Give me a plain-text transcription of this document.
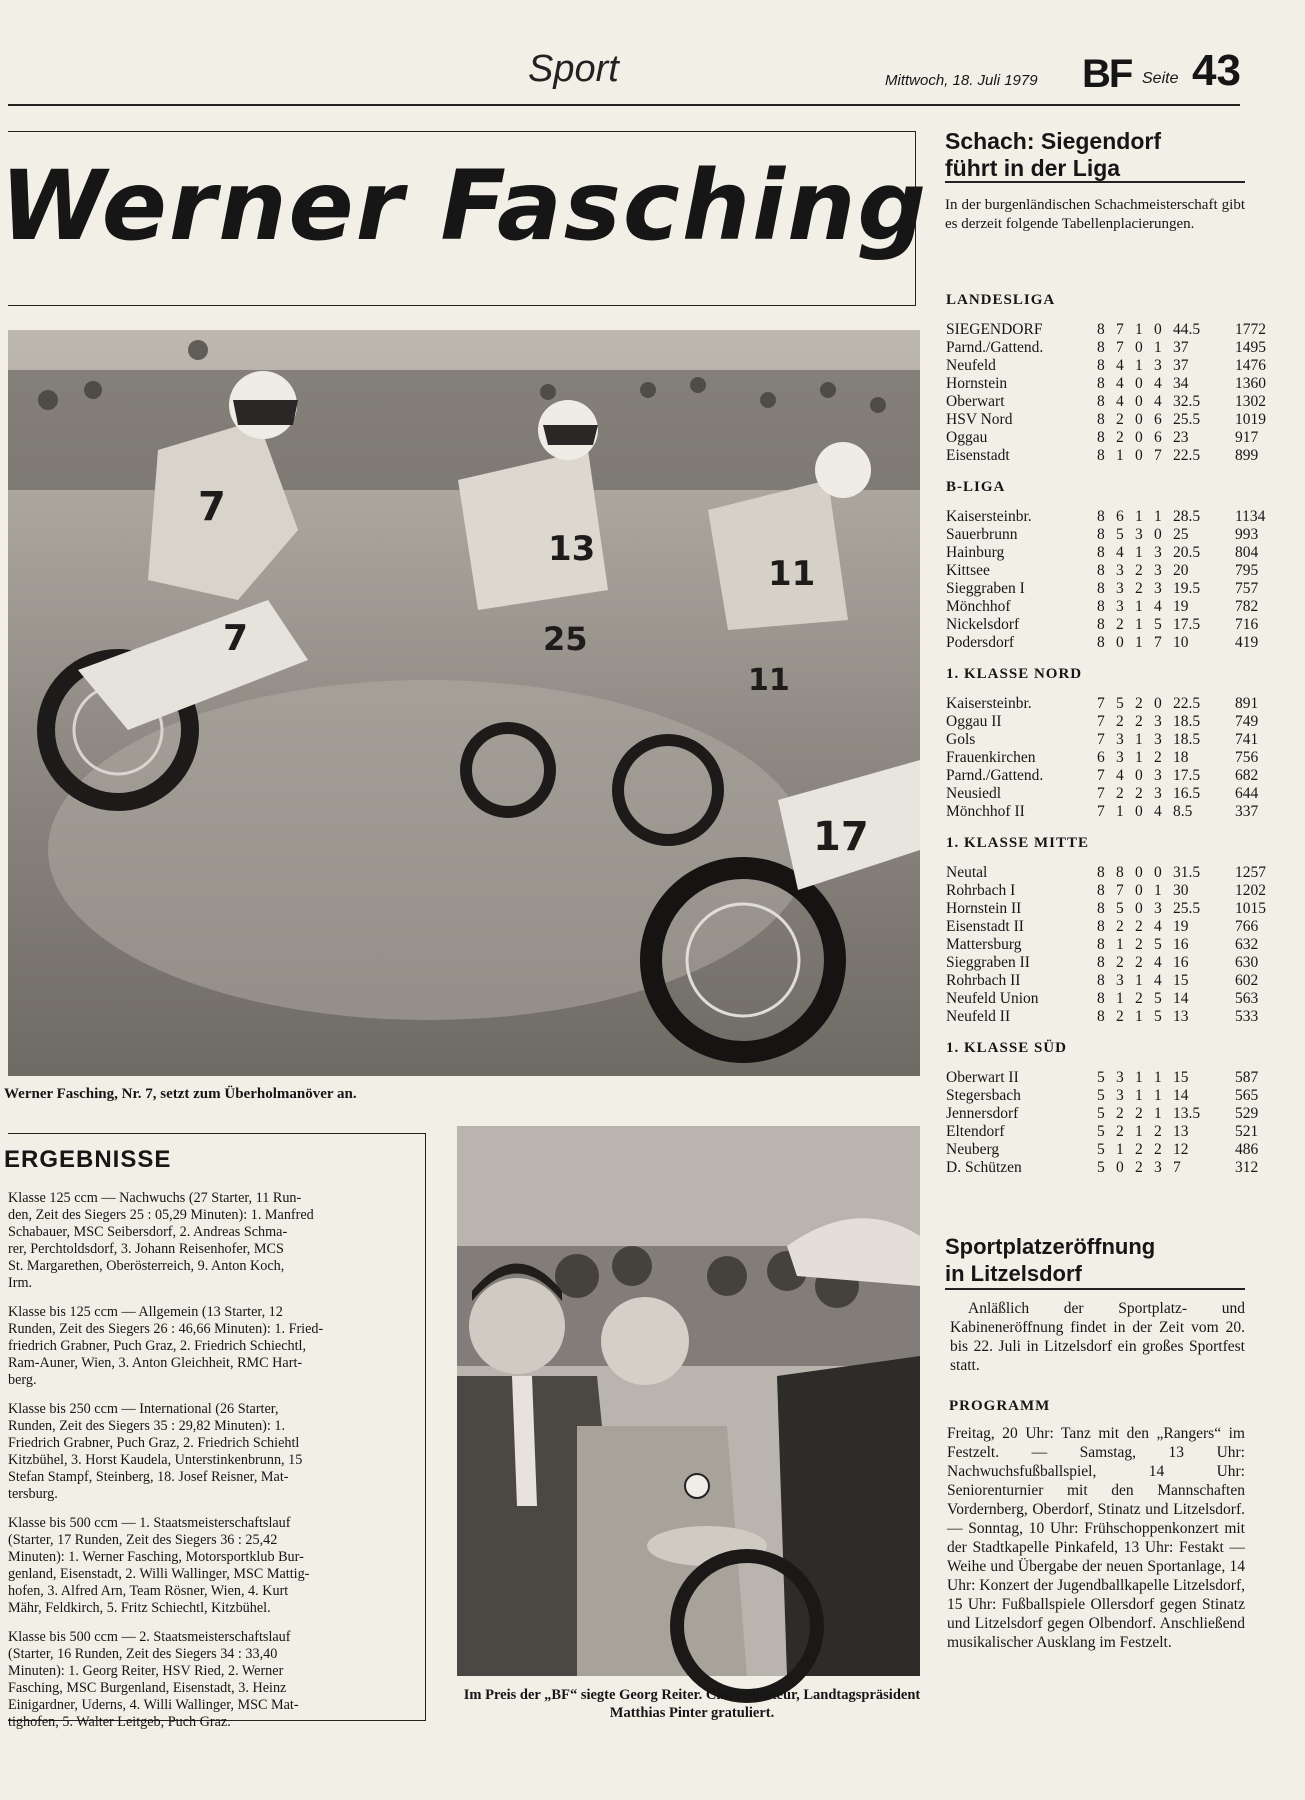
Sport	Mittwoch, 18. Juli 1979 BF Seite 43
Werner Fasching
7
7
13
25
11
11
17
Werner Fasching, Nr. 7, setzt zum Überholmanöver an.
ERGEBNISSE
Klasse 125 ccm — Nachwuchs (27 Starter, 11 Run-
den, Zeit des Siegers 25 : 05,29 Minuten): 1. Manfred
Schabauer, MSC Seibersdorf, 2. Andreas Schma-
rer, Perchtoldsdorf, 3. Johann Reisenhofer, MCS
St. Margarethen, Oberösterreich, 9. Anton Koch,
Irm.
Klasse bis 125 ccm — Allgemein (13 Starter, 12
Runden, Zeit des Siegers 26 : 46,66 Minuten): 1. Fried-
friedrich Grabner, Puch Graz, 2. Friedrich Schiechtl,
Ram-Auner, Wien, 3. Anton Gleichheit, RMC Hart-
berg.
Klasse bis 250 ccm — International (26 Starter,
Runden, Zeit des Siegers 35 : 29,82 Minuten): 1.
Friedrich Grabner, Puch Graz, 2. Friedrich Schiehtl
Kitzbühel, 3. Horst Kaudela, Unterstinkenbrunn, 15
Stefan Stampf, Steinberg, 18. Josef Reisner, Mat-
tersburg.
Klasse bis 500 ccm — 1. Staatsmeisterschaftslauf
(Starter, 17 Runden, Zeit des Siegers 36 : 25,42
Minuten): 1. Werner Fasching, Motorsportklub Bur-
genland, Eisenstadt, 2. Willi Wallinger, MSC Mattig-
hofen, 3. Alfred Arn, Team Rösner, Wien, 4. Kurt
Mähr, Feldkirch, 5. Fritz Schiechtl, Kitzbühel.
Klasse bis 500 ccm — 2. Staatsmeisterschaftslauf
(Starter, 16 Runden, Zeit des Siegers 34 : 33,40
Minuten): 1. Georg Reiter, HSV Ried, 2. Werner
Fasching, MSC Burgenland, Eisenstadt, 3. Heinz
Einigardner, Uderns, 4. Willi Wallinger, MSC Mat-
tighofen, 5. Walter Leitgeb, Puch Graz.
Im Preis der „BF“ siegte Georg Reiter. Chefredakteur, Landtagspräsident Matthias Pinter gratuliert.
Schach: Siegendorf
führt in der Liga
In der burgenländischen Schachmeisterschaft gibt es derzeit folgende Tabellenplacierungen.
LANDESLIGA
SIEGENDORF	8 7 1 0 44.5 1772
Parnd./Gattend.	8 7 0 1 37	1495
Neufeld	8 4 1 3 37	1476
Hornstein	8 4 0 4 34	1360
Oberwart	8 4 0 4 32.5 1302
HSV Nord	8 2 0 6 25.5 1019
Oggau	8 2 0 6 23	917
Eisenstadt	8 1 0 7 22.5 899
B-LIGA
Kaisersteinbr.	8 6 1 1 28.5 1134
Sauerbrunn	8 5 3 0 25	993
Hainburg	8 4 1 3 20.5 804
Kittsee	8 3 2 3 20	795
Sieggraben I	8 3 2 3 19.5 757
Mönchhof	8 3 1 4 19	782
Nickelsdorf	8 2 1 5 17.5 716
Podersdorf	8 0 1 7 10	419
1. KLASSE NORD
Kaisersteinbr.	7 5 2 0 22.5 891
Oggau II	7 2 2 3 18.5 749
Gols	7 3 1 3 18.5 741
Frauenkirchen	6 3 1 2 18	756
Parnd./Gattend.	7 4 0 3 17.5 682
Neusiedl	7 2 2 3 16.5 644
Mönchhof II	7 1 0 4 8.5	337
1. KLASSE MITTE
Neutal	8 8 0 0 31.5 1257
Rohrbach I	8 7 0 1 30	1202
Hornstein II	8 5 0 3 25.5 1015
Eisenstadt II	8 2 2 4 19	766
Mattersburg	8 1 2 5 16	632
Sieggraben II	8 2 2 4 16	630
Rohrbach II	8 3 1 4 15	602
Neufeld Union	8 1 2 5 14	563
Neufeld II	8 2 1 5 13	533
1. KLASSE SÜD
Oberwart II	5 3 1 1 15	587
Stegersbach	5 3 1 1 14	565
Jennersdorf	5 2 2 1 13.5 529
Eltendorf	5 2 1 2 13	521
Neuberg	5 1 2 2 12	486
D. Schützen	5 0 2 3 7	312
Sportplatzeröffnung
in Litzelsdorf
Anläßlich der Sportplatz- und Kabineneröffnung findet in der Zeit vom 20. bis 22. Juli in Litzelsdorf ein großes Sportfest statt.
PROGRAMM
Freitag, 20 Uhr: Tanz mit den „Rangers“ im Festzelt. — Samstag, 13 Uhr: Nachwuchsfußballspiel, 14 Uhr: Seniorenturnier mit den Mannschaften Vordernberg, Oberdorf, Stinatz und Litzelsdorf. — Sonntag, 10 Uhr: Frühschoppenkonzert mit der Stadtkapelle Pinkafeld, 13 Uhr: Festakt — Weihe und Übergabe der neuen Sportanlage, 14 Uhr: Konzert der Jugendballkapelle Litzelsdorf, 15 Uhr: Fußballspiele Ollersdorf gegen Stinatz und Litzelsdorf gegen Olbendorf. Anschließend musikalischer Ausklang im Festzelt.
